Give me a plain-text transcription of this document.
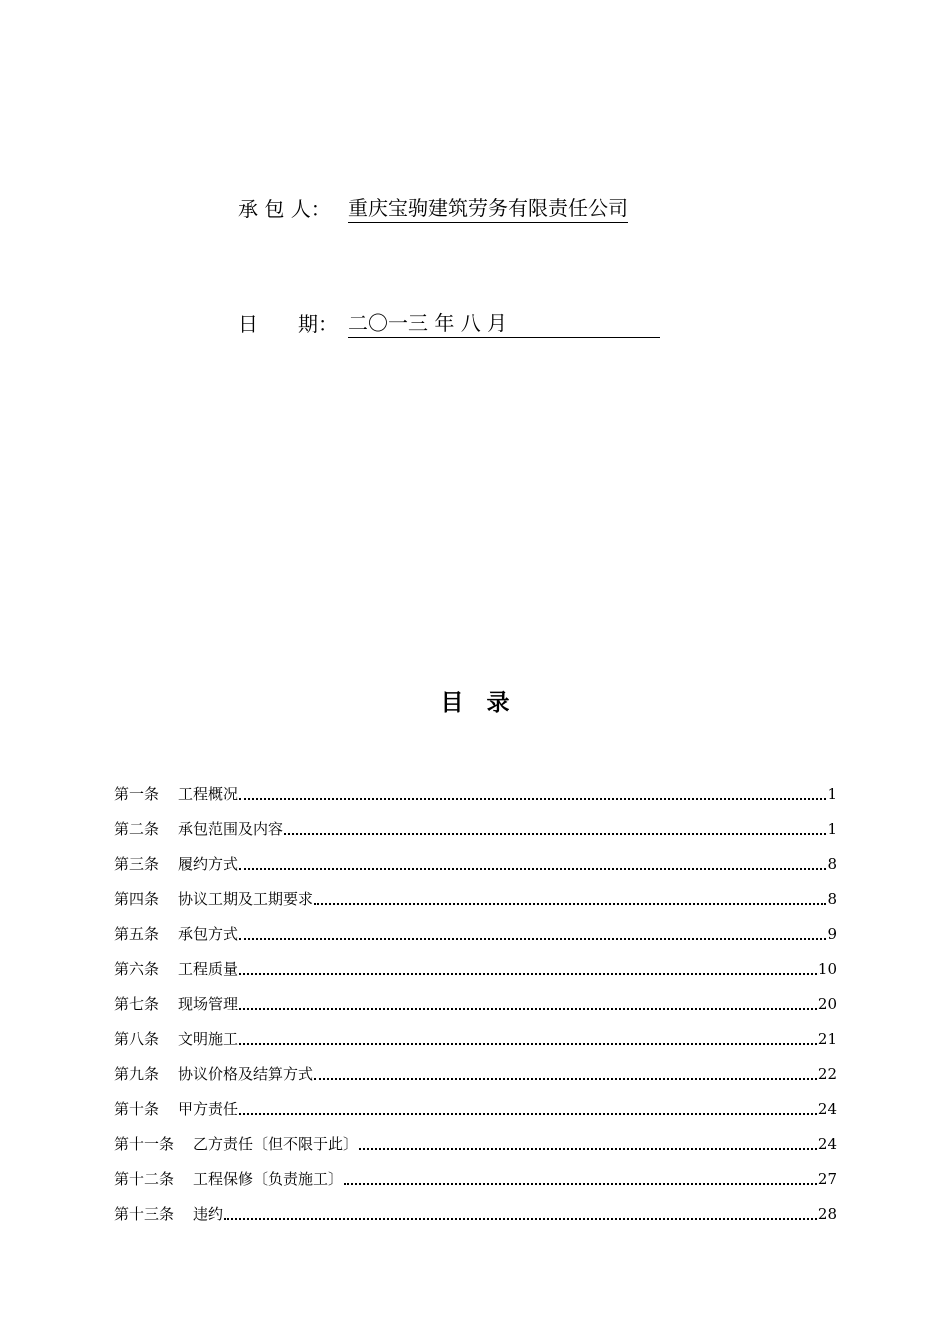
承 包 人： 重庆宝驹建筑劳务有限责任公司
日　　期： 二〇一三 年 八 月
目　录
第一条 工程概况	1
第二条 承包范围及内容	1
第三条 履约方式	8
第四条 协议工期及工期要求	8
第五条 承包方式	9
第六条 工程质量	10
第七条 现场管理	20
第八条 文明施工	21
第九条 协议价格及结算方式	22
第十条 甲方责任	24
第十一条 乙方责任〔但不限于此〕	24
第十二条 工程保修〔负责施工〕	27
第十三条 违约	28
